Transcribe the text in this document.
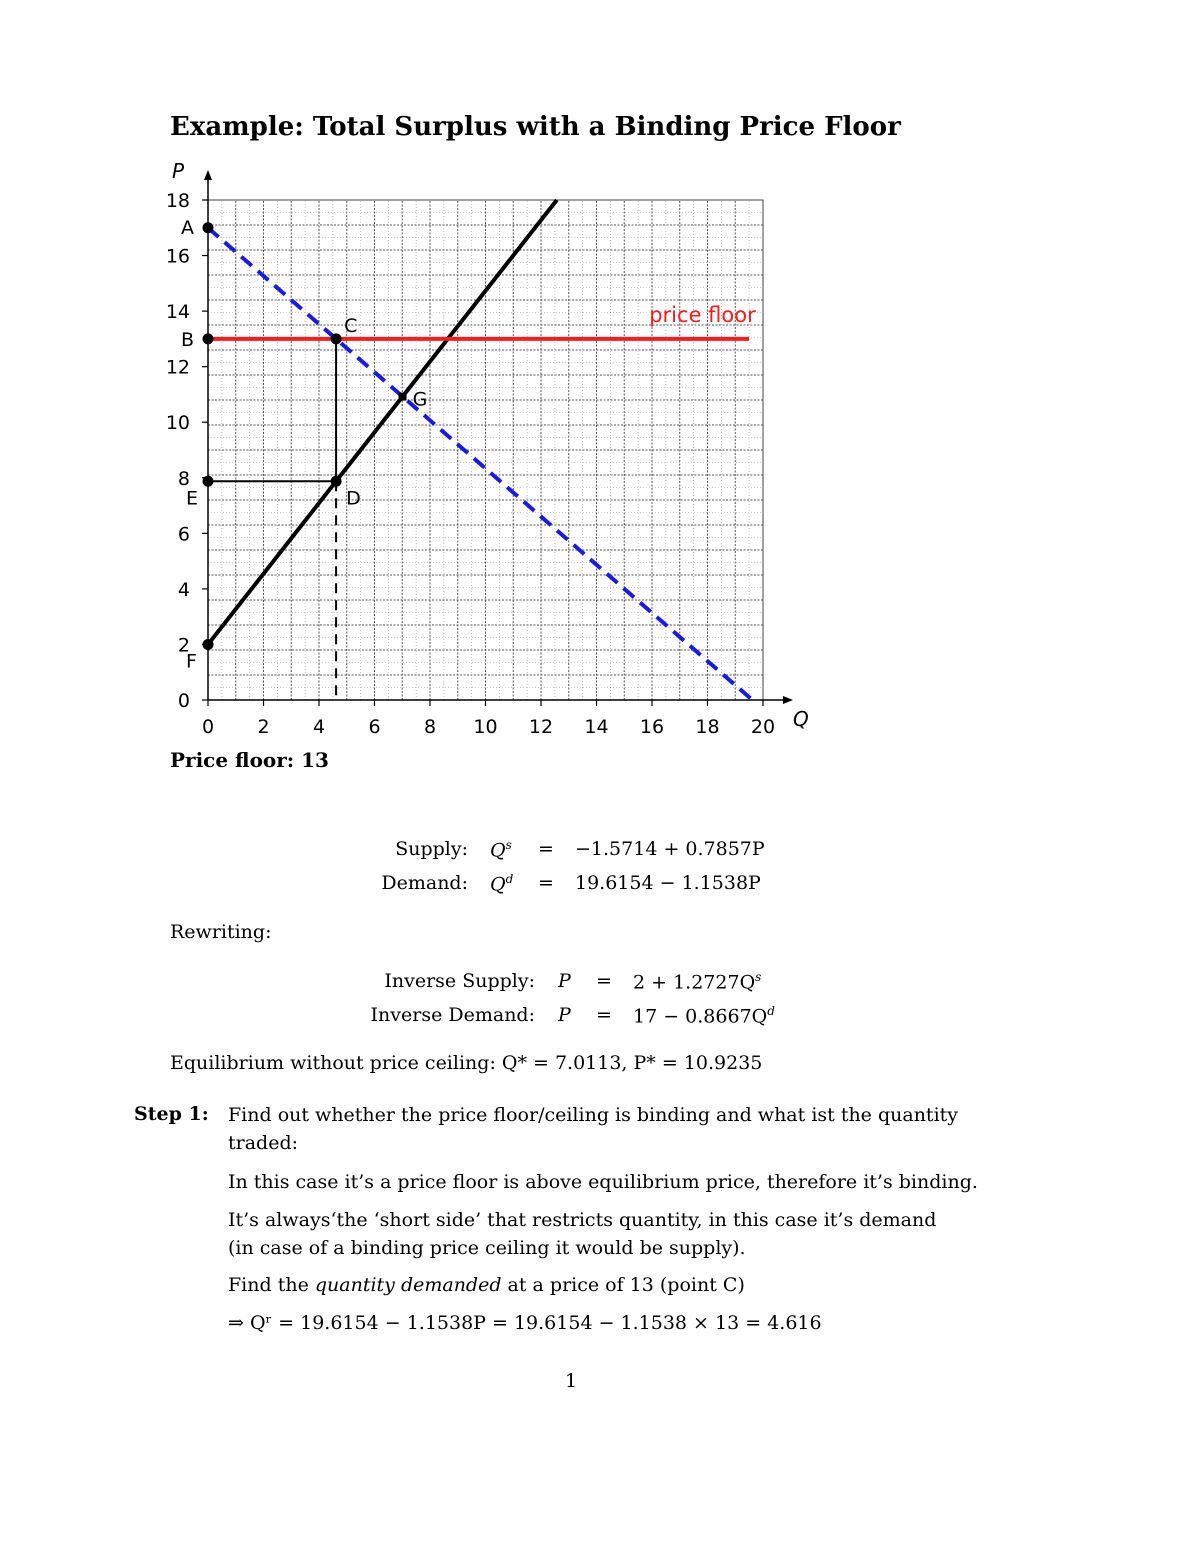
Example: Total Surplus with a Binding Price Floor
Q
P
0 2 4 6 8 10 12 14 16 18 20
0
2
4
6
8
10
12
14
16
18
price floor
A
B
C
G
E	D
F
Price floor: 13
Supply: $Q^s = -1.5714 + 0.7857P$
Demand: $Q^d = 19.6154 - 1.1538P$
Rewriting:
Inverse Supply: $P = 2 + 1.2727Q^s$
Inverse Demand: $P = 17 - 0.8667Q^d$
Equilibrium without price ceiling: Q* = 7.0113, P* = 10.9235
Step 1: Find out whether the price floor/ceiling is binding and what ist the quantity
traded:
In this case it’s a price floor is above equilibrium price, therefore it’s binding.
It’s always‘the ‘short side’ that restricts quantity, in this case it’s demand
(in case of a binding price ceiling it would be supply).
Find the quantity demanded at a price of 13 (point C)
⇒ Qʳ = 19.6154 − 1.1538P = 19.6154 − 1.1538 × 13 = 4.616
1
